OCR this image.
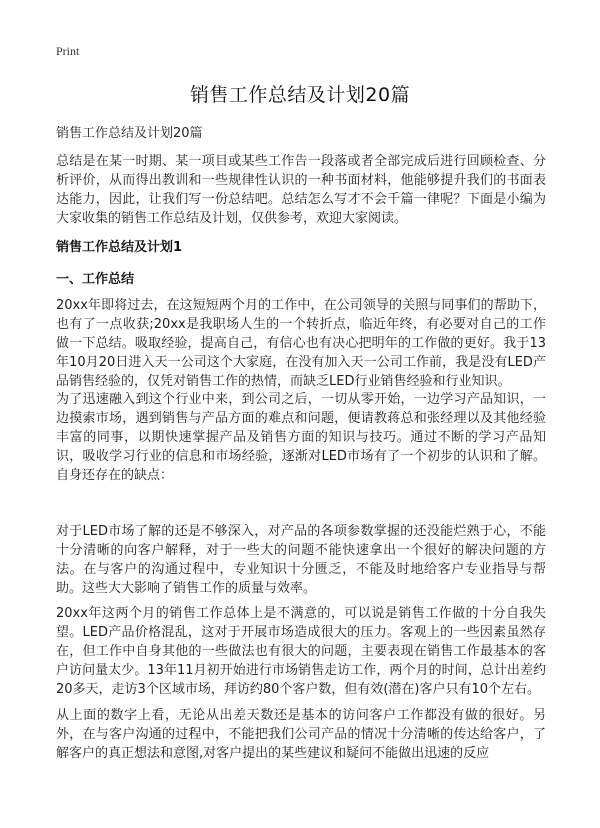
Print
销售工作总结及计划20篇
销售工作总结及计划20篇
总结是在某一时期、某一项目或某些工作告一段落或者全部完成后进行回顾检查、分析评价，从而得出教训和一些规律性认识的一种书面材料，他能够提升我们的书面表达能力，因此，让我们写一份总结吧。总结怎么写才不会千篇一律呢？下面是小编为大家收集的销售工作总结及计划，仅供参考，欢迎大家阅读。
销售工作总结及计划1
一、工作总结
20xx年即将过去，在这短短两个月的工作中，在公司领导的关照与同事们的帮助下，也有了一点收获;20xx是我职场人生的一个转折点，临近年终，有必要对自己的工作做一下总结。吸取经验，提高自己，有信心也有决心把明年的工作做的更好。我于13年10月20日进入天一公司这个大家庭，在没有加入天一公司工作前，我是没有LED产品销售经验的，仅凭对销售工作的热情，而缺乏LED行业销售经验和行业知识。
为了迅速融入到这个行业中来，到公司之后，一切从零开始，一边学习产品知识，一边摸索市场，遇到销售与产品方面的难点和问题，便请教蒋总和张经理以及其他经验丰富的同事，以期快速掌握产品及销售方面的知识与技巧。通过不断的学习产品知识，吸收学习行业的信息和市场经验，逐渐对LED市场有了一个初步的认识和了解。 自身还存在的缺点：
对于LED市场了解的还是不够深入，对产品的各项参数掌握的还没能烂熟于心，不能十分清晰的向客户解释，对于一些大的问题不能快速拿出一个很好的解决问题的方法。在与客户的沟通过程中，专业知识十分匮乏，不能及时地给客户专业指导与帮助。这些大大影响了销售工作的质量与效率。
20xx年这两个月的销售工作总体上是不满意的，可以说是销售工作做的十分自我失望。LED产品价格混乱，这对于开展市场造成很大的压力。客观上的一些因素虽然存在，但工作中自身其他的一些做法也有很大的问题，主要表现在销售工作最基本的客户访问量太少。13年11月初开始进行市场销售走访工作，两个月的时间，总计出差约20多天，走访3个区域市场，拜访约80个客户数，但有效(潜在)客户只有10个左右。
从上面的数字上看，无论从出差天数还是基本的访问客户工作都没有做的很好。另外，在与客户沟通的过程中，不能把我们公司产品的情况十分清晰的传达给客户，了解客户的真正想法和意图,对客户提出的某些建议和疑问不能做出迅速的反应
